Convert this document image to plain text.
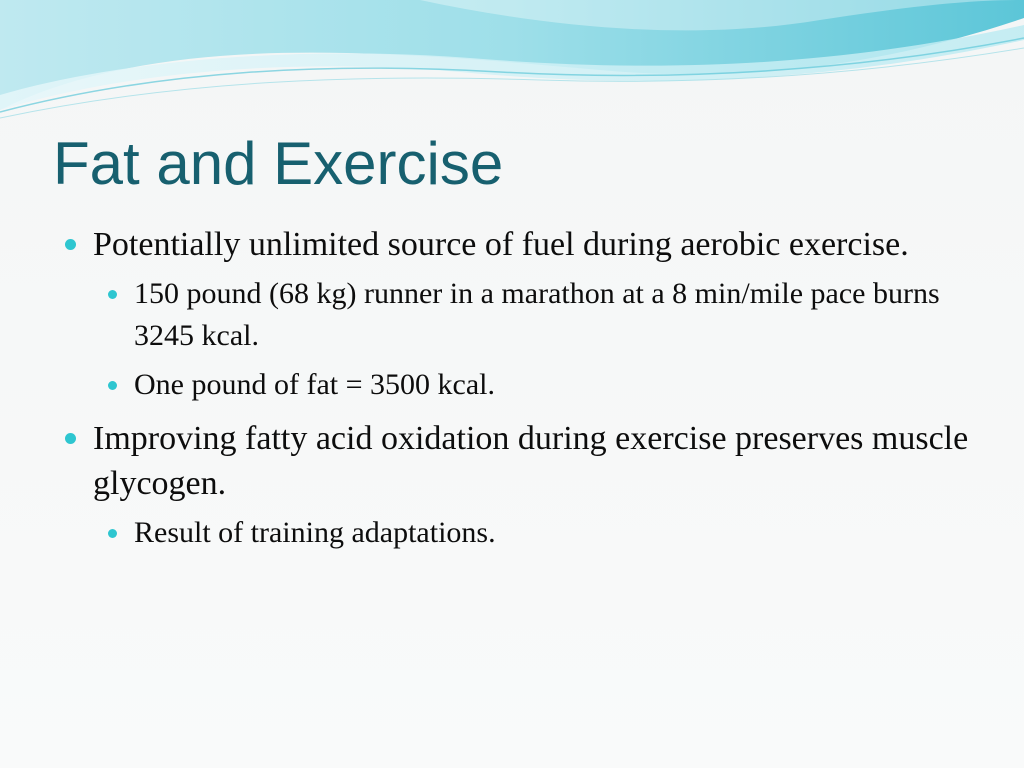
Fat and Exercise
Potentially unlimited source of fuel during aerobic exercise.
150 pound (68 kg) runner in a marathon at a 8 min/mile pace burns 3245 kcal.
One pound of fat = 3500 kcal.
Improving fatty acid oxidation during exercise preserves muscle glycogen.
Result of training adaptations.
